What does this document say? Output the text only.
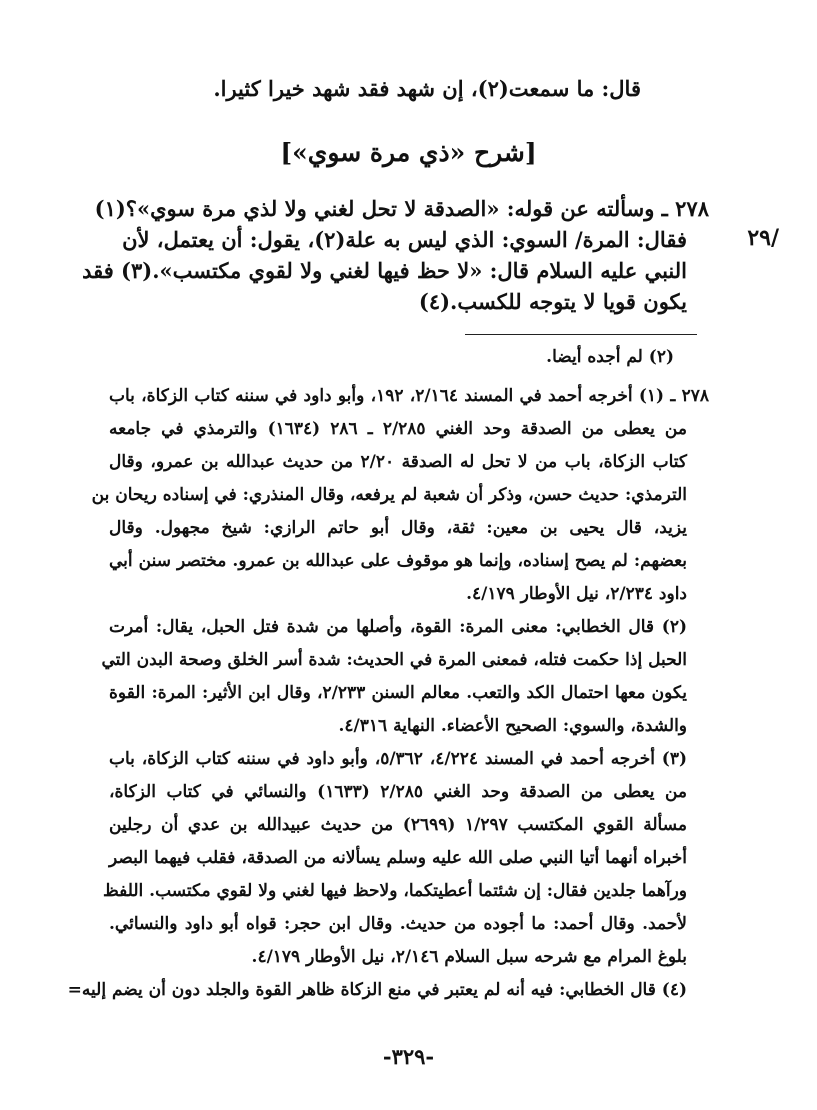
قال: ما سمعت(٢)، إن شهد فقد شهد خيرا كثيرا.
[شرح «ذي مرة سوي»]
٢٧٨ ـ وسألته عن قوله: «الصدقة لا تحل لغني ولا لذي مرة سوي»؟(١)
فقال: المرة/ السوي: الذي ليس به علة(٢)، يقول: أن يعتمل، لأن	٢٩/
النبي عليه السلام قال: «لا حظ فيها لغني ولا لقوي مكتسب».(٣) فقد
يكون قويا لا يتوجه للكسب.(٤)
(٢) لم أجده أيضا.
٢٧٨ ـ (١) أخرجه أحمد في المسند ٢/١٦٤، ١٩٢، وأبو داود في سننه كتاب الزكاة، باب
من يعطى من الصدقة وحد الغني ٢/٢٨٥ ـ ٢٨٦ (١٦٣٤) والترمذي في جامعه
كتاب الزكاة، باب من لا تحل له الصدقة ٢/٢٠ من حديث عبدالله بن عمرو، وقال
الترمذي: حديث حسن، وذكر أن شعبة لم يرفعه، وقال المنذري: في إسناده ريحان بن
يزيد، قال يحيى بن معين: ثقة، وقال أبو حاتم الرازي: شيخ مجهول. وقال
بعضهم: لم يصح إسناده، وإنما هو موقوف على عبدالله بن عمرو. مختصر سنن أبي
داود ٢/٢٣٤، نيل الأوطار ٤/١٧٩.
(٢) قال الخطابي: معنى المرة: القوة، وأصلها من شدة فتل الحبل، يقال: أمرت
الحبل إذا حكمت فتله، فمعنى المرة في الحديث: شدة أسر الخلق وصحة البدن التي
يكون معها احتمال الكد والتعب. معالم السنن ٢/٢٣٣، وقال ابن الأثير: المرة: القوة
والشدة، والسوي: الصحيح الأعضاء. النهاية ٤/٣١٦.
(٣) أخرجه أحمد في المسند ٤/٢٢٤، ٥/٣٦٢، وأبو داود في سننه كتاب الزكاة، باب
من يعطى من الصدقة وحد الغني ٢/٢٨٥ (١٦٣٣) والنسائي في كتاب الزكاة،
مسألة القوي المكتسب ١/٢٩٧ (٢٦٩٩) من حديث عبيدالله بن عدي أن رجلين
أخبراه أنهما أتيا النبي صلى الله عليه وسلم يسألانه من الصدقة، فقلب فيهما البصر
ورآهما جلدين فقال: إن شئتما أعطيتكما، ولاحظ فيها لغني ولا لقوي مكتسب. اللفظ
لأحمد. وقال أحمد: ما أجوده من حديث. وقال ابن حجر: قواه أبو داود والنسائي.
بلوغ المرام مع شرحه سبل السلام ٢/١٤٦، نيل الأوطار ٤/١٧٩.
(٤) قال الخطابي: فيه أنه لم يعتبر في منع الزكاة ظاهر القوة والجلد دون أن يضم إليه=
-٣٢٩-
